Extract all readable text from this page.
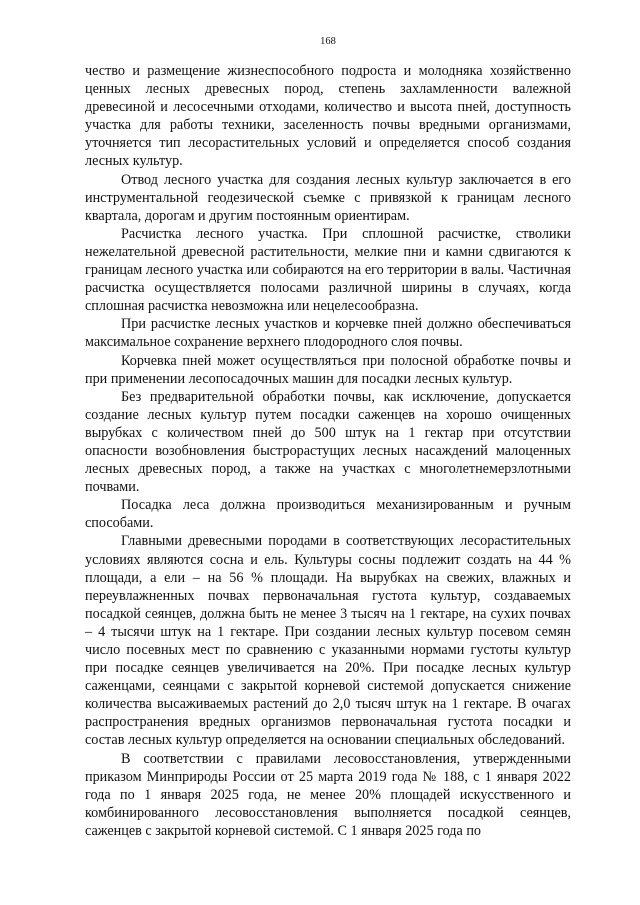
168

чество и размещение жизнеспособного подроста и молодняка хозяйственно ценных лесных древесных пород, степень захламленности валежной древесиной и лесосечными отходами, количество и высота пней, доступность участка для работы техники, заселенность почвы вредными организмами, уточняется тип лесорастительных условий и определяется способ создания лесных культур.

Отвод лесного участка для создания лесных культур заключается в его инструментальной геодезической съемке с привязкой к границам лесного квартала, дорогам и другим постоянным ориентирам.

Расчистка лесного участка. При сплошной расчистке, стволики нежелательной древесной растительности, мелкие пни и камни сдвигаются к границам лесного участка или собираются на его территории в валы. Частичная расчистка осуществляется полосами различной ширины в случаях, когда сплошная расчистка невозможна или нецелесообразна.

При расчистке лесных участков и корчевке пней должно обеспечиваться максимальное сохранение верхнего плодородного слоя почвы.

Корчевка пней может осуществляться при полосной обработке почвы и при применении лесопосадочных машин для посадки лесных культур.

Без предварительной обработки почвы, как исключение, допускается создание лесных культур путем посадки саженцев на хорошо очищенных вырубках с количеством пней до 500 штук на 1 гектар при отсутствии опасности возобновления быстрорастущих лесных насаждений малоценных лесных древесных пород, а также на участках с многолетнемерзлотными почвами.

Посадка леса должна производиться механизированным и ручным способами.

Главными древесными породами в соответствующих лесорастительных условиях являются сосна и ель. Культуры сосны подлежит создать на 44 % площади, а ели – на 56 % площади. На вырубках на свежих, влажных и переувлажненных почвах первоначальная густота культур, создаваемых посадкой сеянцев, должна быть не менее 3 тысяч на 1 гектаре, на сухих почвах – 4 тысячи штук на 1 гектаре. При создании лесных культур посевом семян число посевных мест по сравнению с указанными нормами густоты культур при посадке сеянцев увеличивается на 20%. При посадке лесных культур саженцами, сеянцами с закрытой корневой системой допускается снижение количества высаживаемых растений до 2,0 тысяч штук на 1 гектаре. В очагах распространения вредных организмов первоначальная густота посадки и состав лесных культур определяется на основании специальных обследований.

В соответствии с правилами лесовосстановления, утвержденными приказом Минприроды России от 25 марта 2019 года № 188, с 1 января 2022 года по 1 января 2025 года, не менее 20% площадей искусственного и комбинированного лесовосстановления выполняется посадкой сеянцев, саженцев с закрытой корневой системой. С 1 января 2025 года по
